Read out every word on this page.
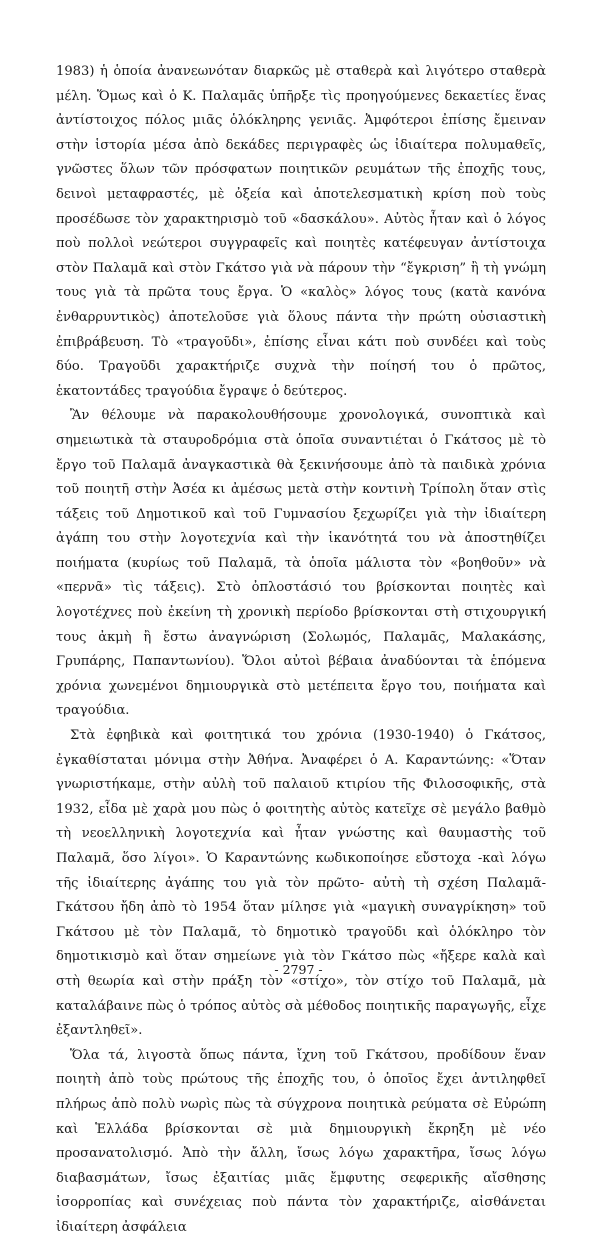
1983) ἡ ὁποία ἀνανεωνόταν διαρκῶς μὲ σταθερὰ καὶ λιγότερο σταθερὰ μέλη. Ὅμως καὶ ὁ Κ. Παλαμᾶς ὑπῆρξε τὶς προηγούμενες δεκαετίες ἕνας ἀντίστοιχος πόλος μιᾶς ὁλόκληρης γενιᾶς. Ἀμφότεροι ἐπίσης ἔμειναν στὴν ἱστορία μέσα ἀπὸ δεκάδες περιγραφὲς ὡς ἰδιαίτερα πολυμαθεῖς, γνῶστες ὅλων τῶν πρόσφατων ποιητικῶν ρευμάτων τῆς ἐποχῆς τους, δεινοὶ μεταφραστές, μὲ ὀξεία καὶ ἀποτελεσματικὴ κρίση ποὺ τοὺς προσέδωσε τὸν χαρακτηρισμὸ τοῦ «δασκάλου». Αὐτὸς ἦταν καὶ ὁ λόγος ποὺ πολλοὶ νεώτεροι συγγραφεῖς καὶ ποιητὲς κατέφευγαν ἀντίστοιχα στὸν Παλαμᾶ καὶ στὸν Γκάτσο γιὰ νὰ πάρουν τὴν “ἔγκριση” ἢ τὴ γνώμη τους γιὰ τὰ πρῶτα τους ἔργα. Ὁ «καλὸς» λόγος τους (κατὰ κανόνα ἐνθαρρυντικὸς) ἀποτελοῦσε γιὰ ὅλους πάντα τὴν πρώτη οὐσιαστικὴ ἐπιβράβευση. Τὸ «τραγοῦδι», ἐπίσης εἶναι κάτι ποὺ συνδέει καὶ τοὺς δύο. Τραγοῦδι χαρακτήριζε συχνὰ τὴν ποίησή του ὁ πρῶτος, ἑκατοντάδες τραγούδια ἔγραψε ὁ δεύτερος.

Ἂν θέλουμε νὰ παρακολουθήσουμε χρονολογικά, συνοπτικὰ καὶ σημειωτικὰ τὰ σταυροδρόμια στὰ ὁποῖα συναντιέται ὁ Γκάτσος μὲ τὸ ἔργο τοῦ Παλαμᾶ ἀναγκαστικὰ θὰ ξεκινήσουμε ἀπὸ τὰ παιδικὰ χρόνια τοῦ ποιητῆ στὴν Ἀσέα κι ἀμέσως μετὰ στὴν κοντινὴ Τρίπολη ὅταν στὶς τάξεις τοῦ Δημοτικοῦ καὶ τοῦ Γυμνασίου ξεχωρίζει γιὰ τὴν ἰδιαίτερη ἀγάπη του στὴν λογοτεχνία καὶ τὴν ἱκανότητά του νὰ ἀποστηθίζει ποιήματα (κυρίως τοῦ Παλαμᾶ, τὰ ὁποῖα μάλιστα τὸν «βοηθοῦν» νὰ «περνᾶ» τὶς τάξεις). Στὸ ὀπλοστάσιό του βρίσκονται ποιητὲς καὶ λογοτέχνες ποὺ ἐκείνη τὴ χρονικὴ περίοδο βρίσκονται στὴ στιχουργική τους ἀκμὴ ἢ ἔστω ἀναγνώριση (Σολωμός, Παλαμᾶς, Μαλακάσης, Γρυπάρης, Παπαντωνίου). Ὅλοι αὐτοὶ βέβαια ἀναδύονται τὰ ἑπόμενα χρόνια χωνεμένοι δημιουργικὰ στὸ μετέπειτα ἔργο του, ποιήματα καὶ τραγούδια.

Στὰ ἐφηβικὰ καὶ φοιτητικά του χρόνια (1930-1940) ὁ Γκάτσος, ἐγκαθίσταται μόνιμα στὴν Ἀθήνα. Ἀναφέρει ὁ Α. Καραντώνης: «Ὅταν γνωριστήκαμε, στὴν αὐλὴ τοῦ παλαιοῦ κτιρίου τῆς Φιλοσοφικῆς, στὰ 1932, εἶδα μὲ χαρὰ μου πὼς ὁ φοιτητὴς αὐτὸς κατεῖχε σὲ μεγάλο βαθμὸ τὴ νεοελληνικὴ λογοτεχνία καὶ ἦταν γνώστης καὶ θαυμαστὴς τοῦ Παλαμᾶ, ὅσο λίγοι». Ὁ Καραντώνης κωδικοποίησε εὔστοχα -καὶ λόγω τῆς ἰδιαίτερης ἀγάπης του γιὰ τὸν πρῶτο- αὐτὴ τὴ σχέση Παλαμᾶ-Γκάτσου ἤδη ἀπὸ τὸ 1954 ὅταν μίλησε γιὰ «μαγικὴ συναγρίκηση» τοῦ Γκάτσου μὲ τὸν Παλαμᾶ, τὸ δημοτικὸ τραγοῦδι καὶ ὁλόκληρο τὸν δημοτικισμὸ καὶ ὅταν σημείωνε γιὰ τὸν Γκάτσο πὼς «ἤξερε καλὰ καὶ στὴ θεωρία καὶ στὴν πράξη τὸν «στίχο», τὸν στίχο τοῦ Παλαμᾶ, μὰ καταλάβαινε πὼς ὁ τρόπος αὐτὸς σὰ μέθοδος ποιητικῆς παραγωγῆς, εἶχε ἐξαντληθεῖ».

Ὅλα τά, λιγοστὰ ὅπως πάντα, ἴχνη τοῦ Γκάτσου, προδίδουν ἕναν ποιητὴ ἀπὸ τοὺς πρώτους τῆς ἐποχῆς του, ὁ ὁποῖος ἔχει ἀντιληφθεῖ πλήρως ἀπὸ πολὺ νωρὶς πὼς τὰ σύγχρονα ποιητικὰ ρεύματα σὲ Εὐρώπη καὶ Ἑλλάδα βρίσκονται σὲ μιὰ δημιουργικὴ ἔκρηξη μὲ νέο προσανατολισμό. Ἀπὸ τὴν ἄλλη, ἴσως λόγω χαρακτῆρα, ἴσως λόγω διαβασμάτων, ἴσως ἐξαιτίας μιᾶς ἔμφυτης σεφερικῆς αἴσθησης ἰσορροπίας καὶ συνέχειας ποὺ πάντα τὸν χαρακτήριζε, αἰσθάνεται ἰδιαίτερη ἀσφάλεια

- 2797 -
